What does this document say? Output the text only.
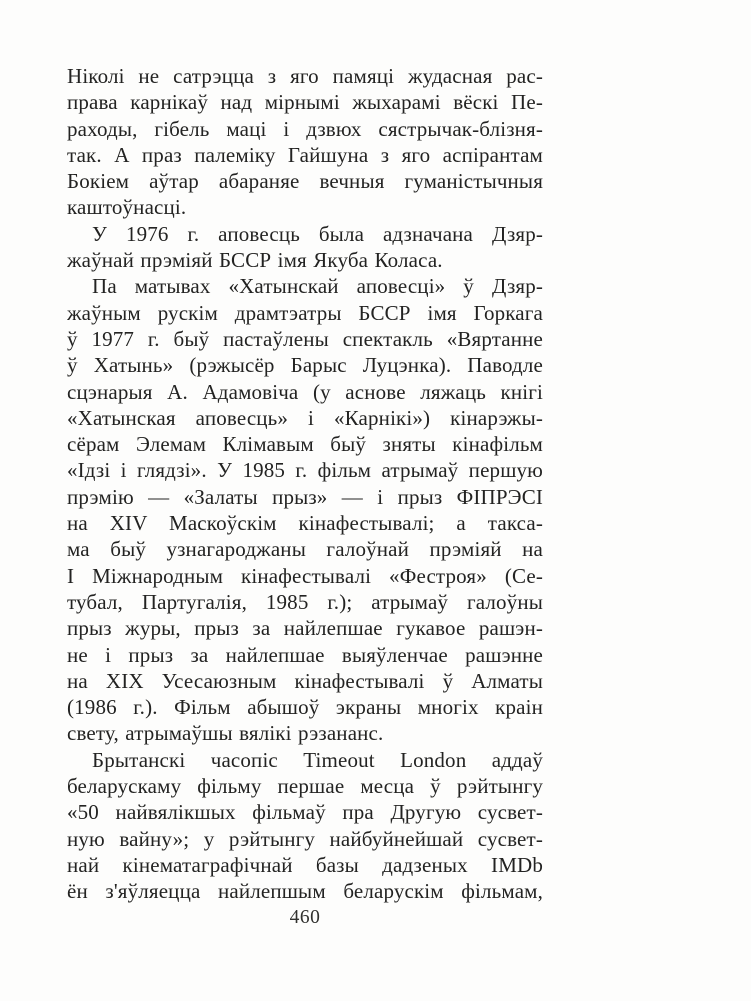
Ніколі не сатрэцца з яго памяці жудасная рас-
права карнікаў над мірнымі жыхарамі вёскі Пе-
раходы, гібель маці і дзвюх сястрычак-блізня-
так. А праз палеміку Гайшуна з яго аспірантам
Бокіем аўтар абараняе вечныя гуманістычныя
каштоўнасці.
У 1976 г. аповесць была адзначана Дзяр-
жаўнай прэміяй БССР імя Якуба Коласа.
Па матывах «Хатынскай аповесці» ў Дзяр-
жаўным рускім драмтэатры БССР імя Горкага
ў 1977 г. быў пастаўлены спектакль «Вяртанне
ў Хатынь» (рэжысёр Барыс Луцэнка). Паводле
сцэнарыя А. Адамовіча (у аснове ляжаць кнігі
«Хатынская аповесць» і «Карнікі») кінарэжы-
сёрам Элемам Клімавым быў зняты кінафільм
«Ідзі і глядзі». У 1985 г. фільм атрымаў першую
прэмію — «Залаты прыз» — і прыз ФІПРЭСІ
на XIV Маскоўскім кінафестывалі; а такса-
ма быў узнагароджаны галоўнай прэміяй на
I Міжнародным кінафестывалі «Фестроя» (Се-
тубал, Партугалія, 1985 г.); атрымаў галоўны
прыз журы, прыз за найлепшае гукавое рашэн-
не і прыз за найлепшае выяўленчае рашэнне
на XIX Усесаюзным кінафестывалі ў Алматы
(1986 г.). Фільм абышоў экраны многіх краін
свету, атрымаўшы вялікі рэзананс.
Брытанскі часопіс Timeout London аддаў
беларускаму фільму першае месца ў рэйтынгу
«50 найвялікшых фільмаў пра Другую сусвет-
ную вайну»; у рэйтынгу найбуйнейшай сусвет-
най кінематаграфічнай базы дадзеных IMDb
ён з'яўляецца найлепшым беларускім фільмам,
460
